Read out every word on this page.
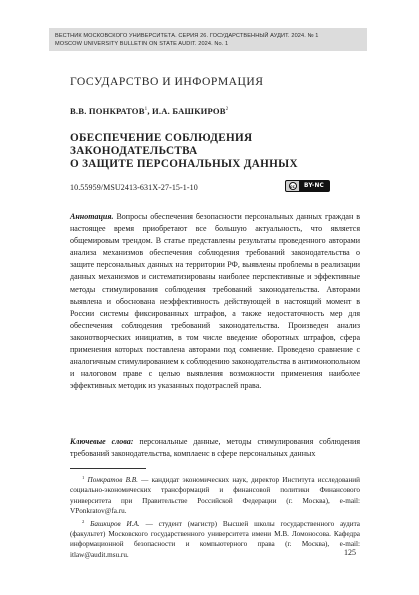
ВЕСТНИК МОСКОВСКОГО УНИВЕРСИТЕТА. СЕРИЯ 26. ГОСУДАРСТВЕННЫЙ АУДИТ. 2024. № 1
MOSCOW UNIVERSITY BULLETIN ON STATE AUDIT. 2024. No. 1
ГОСУДАРСТВО И ИНФОРМАЦИЯ
В.В. ПОНКРАТОВ$^1$, И.А. БАШКИРОВ$^2$
ОБЕСПЕЧЕНИЕ СОБЛЮДЕНИЯ
ЗАКОНОДАТЕЛЬСТВА
О ЗАЩИТЕ ПЕРСОНАЛЬНЫХ ДАННЫХ
10.55959/MSU2413-631X-27-15-1-10	cc	BY-NC
Аннотация. Вопросы обеспечения безопасности персональных данных граждан в настоящее время приобретают все большую актуальность, что является общемировым трендом. В статье представлены результаты проведенного авторами анализа механизмов обеспечения соблюдения требований законодательства о защите персональных данных на территории РФ, выявлены проблемы в реализации данных механизмов и систематизированы наиболее перспективные и эффективные методы стимулирования соблюдения требований законодательства. Авторами выявлена и обоснована неэффективность действующей в настоящий момент в России системы фиксированных штрафов, а также недостаточность мер для обеспечения соблюдения требований законодательства. Произведен анализ законотворческих инициатив, в том числе введение оборотных штрафов, сфера применения которых поставлена авторами под сомнение. Проведено сравнение с аналогичным стимулированием к соблюдению законодательства в антимонопольном и налоговом праве с целью выявления возможности применения наиболее эффективных методик из указанных подотраслей права.
Ключевые слова: персональные данные, методы стимулирования соблюдения требований законодательства, комплаенс в сфере персональных данных

$^1$ Понкратов В.В. — кандидат экономических наук, директор Института исследований социально-экономических трансформаций и финансовой политики Финансового университета при Правительстве Российской Федерации (г. Москва), e-mail: VPonkratov@fa.ru.

$^2$ Башкиров И.А. — студент (магистр) Высшей школы государственного аудита (факультет) Московского государственного университета имени М.В. Ломоносова. Кафедра информационной безопасности и компьютерного права (г. Москва), e-mail: itlaw@audit.msu.ru.	125
